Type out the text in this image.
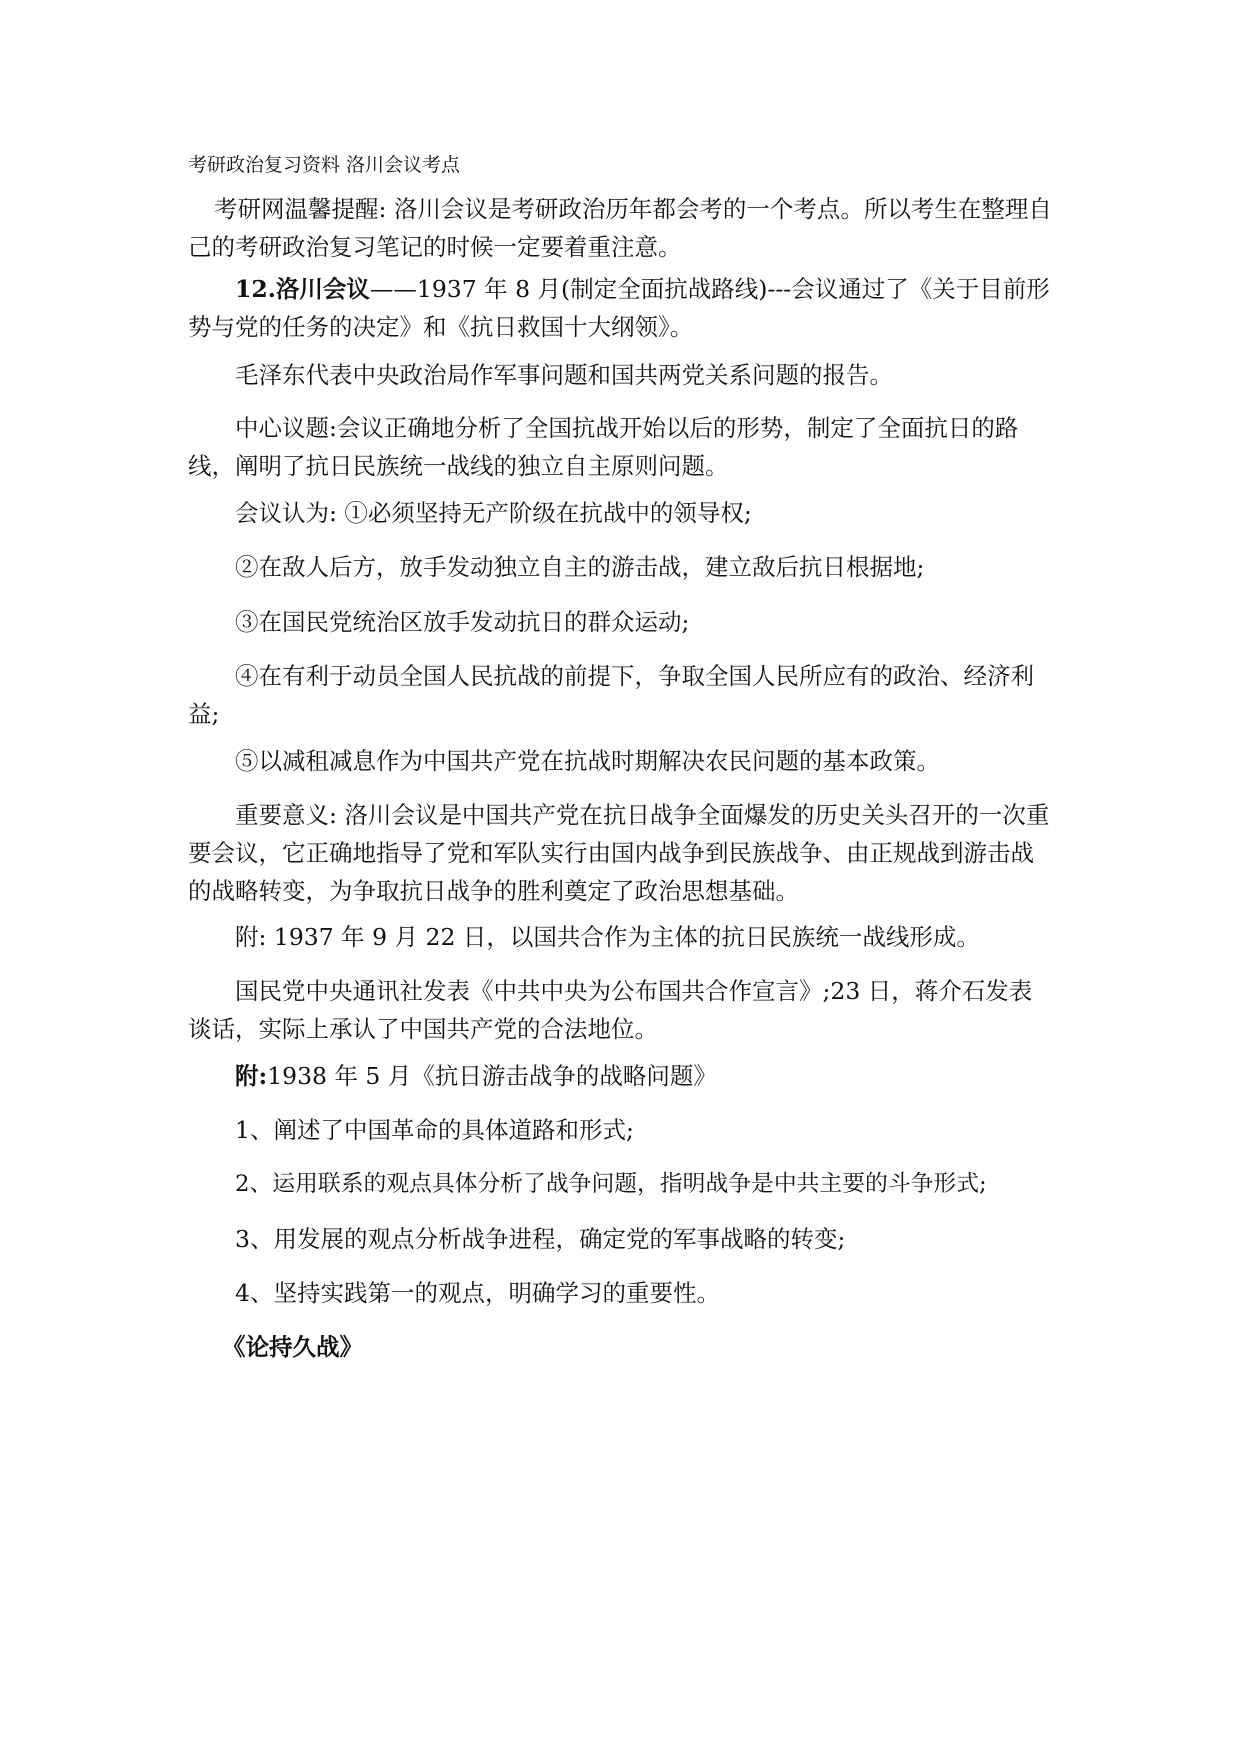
考研政治复习资料 洛川会议考点

考研网温馨提醒: 洛川会议是考研政治历年都会考的一个考点。所以考生在整理自己的考研政治复习笔记的时候一定要着重注意。

12.洛川会议——1937 年 8 月(制定全面抗战路线)---会议通过了《关于目前形势与党的任务的决定》和《抗日救国十大纲领》。

毛泽东代表中央政治局作军事问题和国共两党关系问题的报告。

中心议题:会议正确地分析了全国抗战开始以后的形势，制定了全面抗日的路线，阐明了抗日民族统一战线的独立自主原则问题。

会议认为: ①必须坚持无产阶级在抗战中的领导权;

②在敌人后方，放手发动独立自主的游击战，建立敌后抗日根据地;

③在国民党统治区放手发动抗日的群众运动;

④在有利于动员全国人民抗战的前提下，争取全国人民所应有的政治、经济利益;

⑤以减租减息作为中国共产党在抗战时期解决农民问题的基本政策。

重要意义: 洛川会议是中国共产党在抗日战争全面爆发的历史关头召开的一次重要会议，它正确地指导了党和军队实行由国内战争到民族战争、由正规战到游击战的战略转变，为争取抗日战争的胜利奠定了政治思想基础。

附: 1937 年 9 月 22 日，以国共合作为主体的抗日民族统一战线形成。

国民党中央通讯社发表《中共中央为公布国共合作宣言》;23 日，蒋介石发表谈话，实际上承认了中国共产党的合法地位。

附:1938 年 5 月《抗日游击战争的战略问题》

1、阐述了中国革命的具体道路和形式;

2、运用联系的观点具体分析了战争问题，指明战争是中共主要的斗争形式;

3、用发展的观点分析战争进程，确定党的军事战略的转变;

4、坚持实践第一的观点，明确学习的重要性。

《论持久战》
